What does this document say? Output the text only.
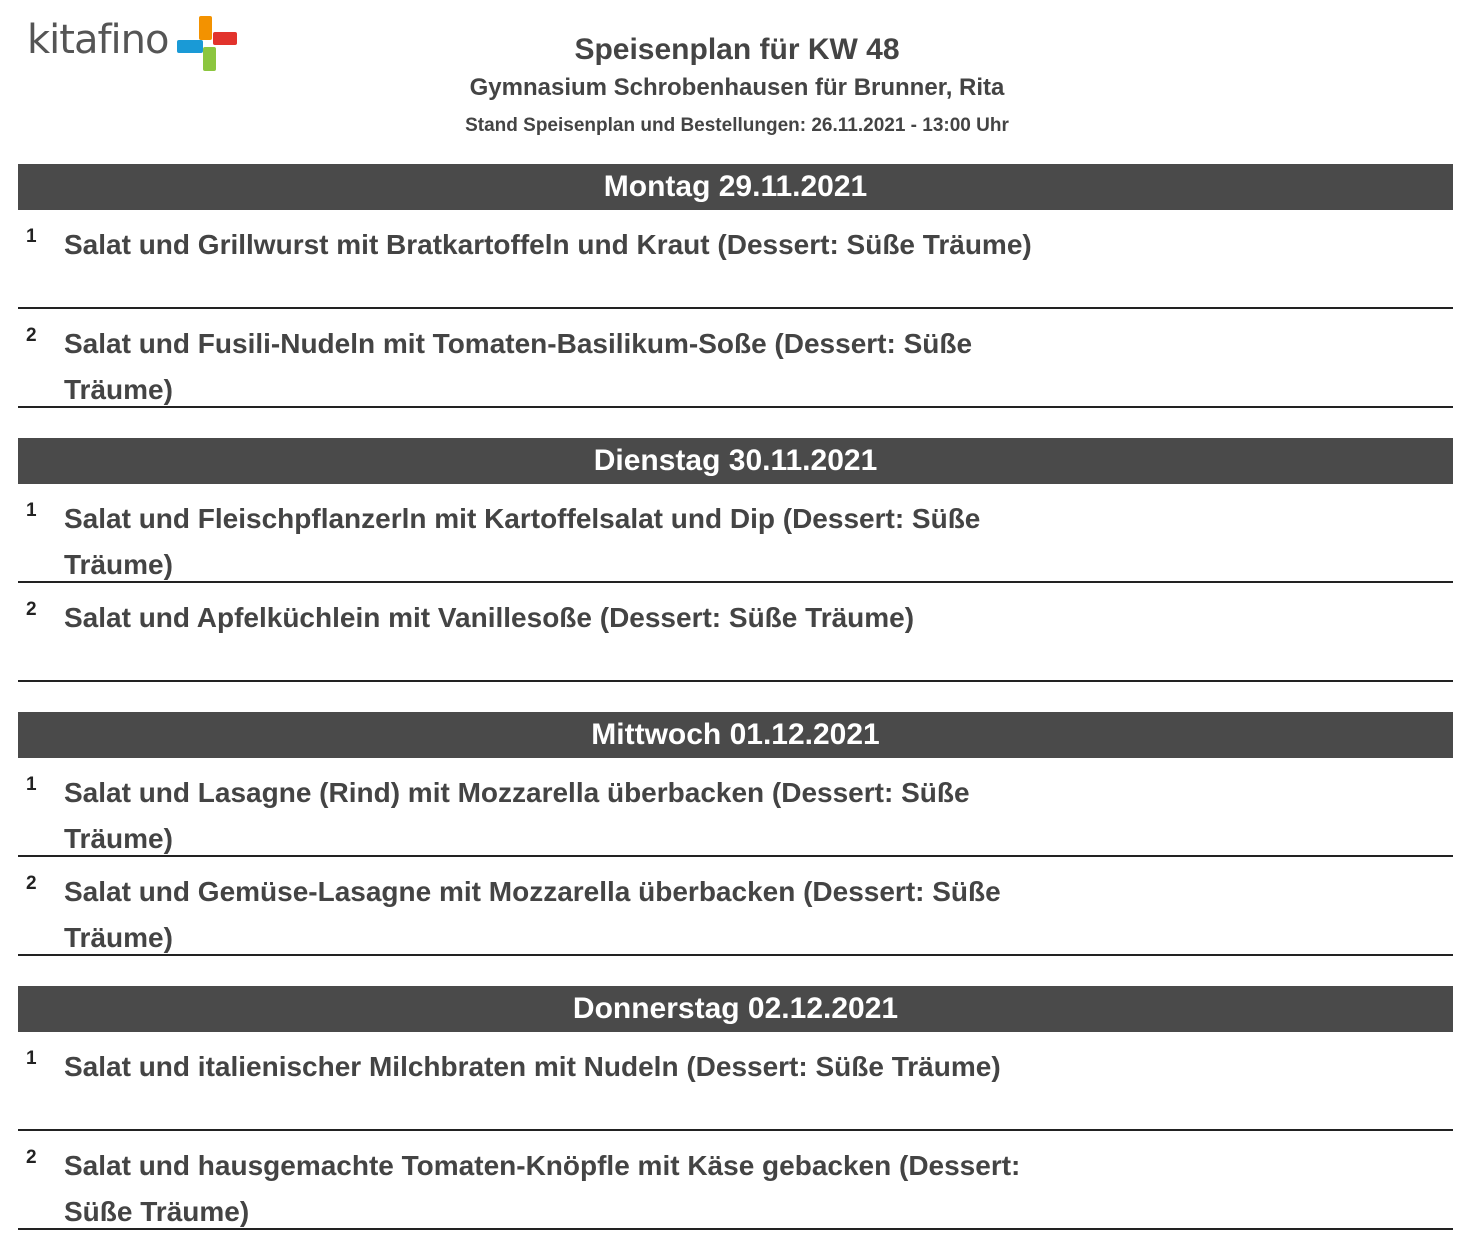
kitafino	Speisenplan für KW 48
Gymnasium Schrobenhausen für Brunner, Rita
Stand Speisenplan und Bestellungen: 26.11.2021 - 13:00 Uhr
Montag 29.11.2021
1 Salat und Grillwurst mit Bratkartoffeln und Kraut (Dessert: Süße Träume)
2 Salat und Fusili-Nudeln mit Tomaten-Basilikum-Soße (Dessert: Süße Träume)
Dienstag 30.11.2021
1 Salat und Fleischpflanzerln mit Kartoffelsalat und Dip (Dessert: Süße Träume)
2 Salat und Apfelküchlein mit Vanillesoße (Dessert: Süße Träume)
Mittwoch 01.12.2021
1 Salat und Lasagne (Rind) mit Mozzarella überbacken (Dessert: Süße Träume)
2 Salat und Gemüse-Lasagne mit Mozzarella überbacken (Dessert: Süße Träume)
Donnerstag 02.12.2021
1 Salat und italienischer Milchbraten mit Nudeln (Dessert: Süße Träume)
2 Salat und hausgemachte Tomaten-Knöpfle mit Käse gebacken (Dessert: Süße Träume)
